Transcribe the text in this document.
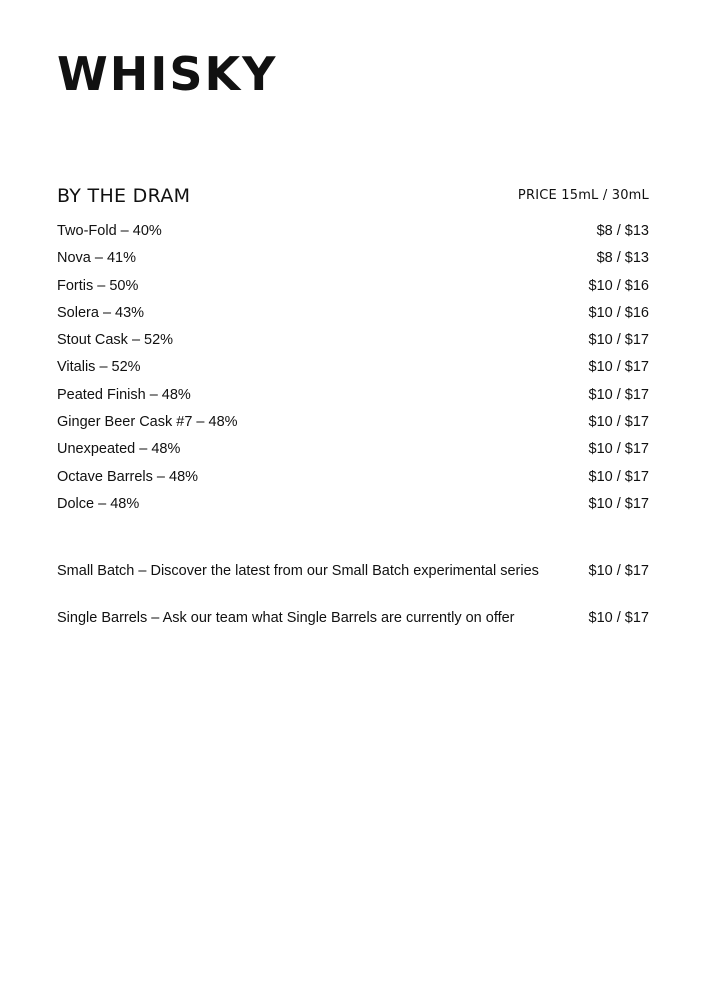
WHISKY
BY THE DRAM	PRICE 15mL / 30mL
Two-Fold – 40%	$8 / $13
Nova – 41%	$8 / $13
Fortis – 50%	$10 / $16
Solera – 43%	$10 / $16
Stout Cask – 52%	$10 / $17
Vitalis – 52%	$10 / $17
Peated Finish – 48%	$10 / $17
Ginger Beer Cask #7 – 48%	$10 / $17
Unexpeated – 48%	$10 / $17
Octave Barrels – 48%	$10 / $17
Dolce – 48%	$10 / $17
Small Batch – Discover the latest from our Small Batch experimental series	$10 / $17
Single Barrels – Ask our team what Single Barrels are currently on offer	$10 / $17
